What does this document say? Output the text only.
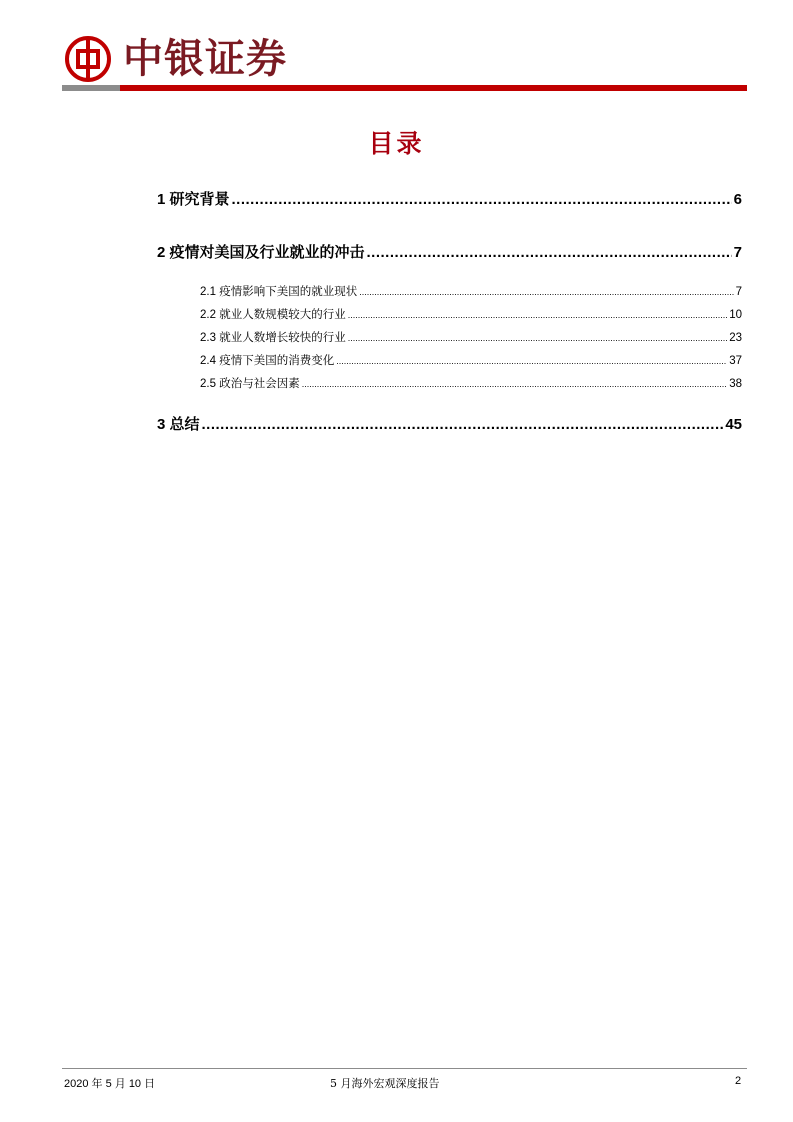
中银证券
目录
1 研究背景 .....	6
2 疫情对美国及行业就业的冲击 .....	7
2.1 疫情影响下美国的就业现状 .....	7
2.2 就业人数规模较大的行业 .....	10
2.3 就业人数增长较快的行业 .....	23
2.4 疫情下美国的消费变化 .....	37
2.5 政治与社会因素 .....	38
3 总结 .....	45
2020 年 5 月 10 日	5 月海外宏观深度报告	2
